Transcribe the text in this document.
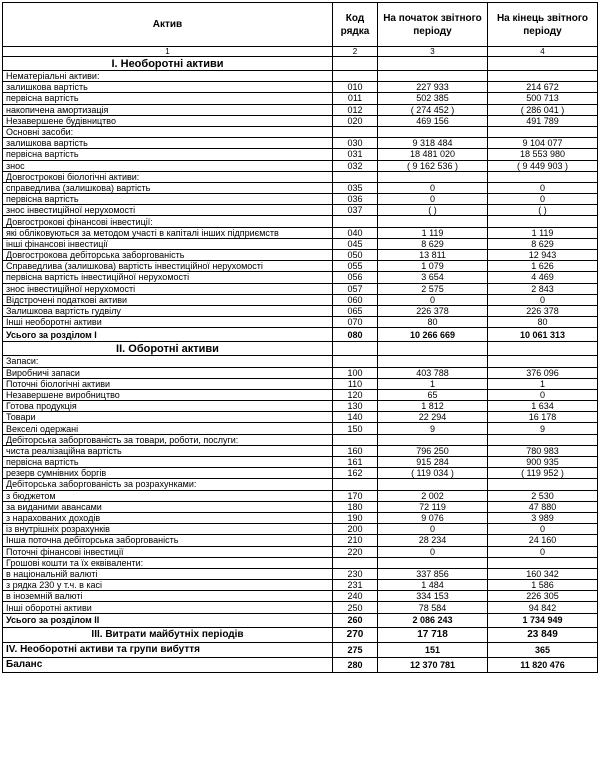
Актив	Код рядка	На початок звітного періоду	На кінець звітного періоду
1	2	3	4
I. Необоротні активи			
Нематеріальні активи:			
залишкова вартість	010	227 933	214 672
первісна вартість	011	502 385	500 713
накопичена амортизація	012	( 274 452 )	( 286 041 )
Незавершене будівництво	020	469 156	491 789
Основні засоби:			
залишкова вартість	030	9 318 484	9 104 077
первісна вартість	031	18 481 020	18 553 980
знос	032	( 9 162 536 )	( 9 449 903 )
Довгострокові біологічні активи:			
справедлива (залишкова) вартість	035	0	0
первісна вартість	036	0	0
знос інвестиційної нерухомості	037	( )	( )
Довгострокові фінансові інвестиції:			
які обліковуються за методом участі в капіталі інших підприємств	040	1 119	1 119
інші фінансові інвестиції	045	8 629	8 629
Довгострокова дебіторська заборгованість	050	13 811	12 943
Справедлива (залишкова) вартість інвестиційної нерухомості	055	1 079	1 626
первісна вартість інвестиційної нерухомості	056	3 654	4 469
знос інвестиційної нерухомості	057	2 575	2 843
Відстрочені податкові активи	060	0	0
Залишкова вартість гудвілу	065	226 378	226 378
Інші необоротні активи	070	80	80
Усього за розділом І	080	10 266 669	10 061 313
II. Оборотні активи			
Запаси:			
Виробничі запаси	100	403 788	376 096
Поточні біологічні активи	110	1	1
Незавершене виробництво	120	65	0
Готова продукція	130	1 812	1 634
Товари	140	22 294	16 178
Векселі одержані	150	9	9
Дебіторська заборгованість за товари, роботи, послуги:			
чиста реалізаційна вартість	160	796 250	780 983
первісна вартість	161	915 284	900 935
резерв сумнівних боргів	162	( 119 034 )	( 119 952 )
Дебіторська заборгованість за розрахунками:			
з бюджетом	170	2 002	2 530
за виданими авансами	180	72 119	47 880
з нарахованих доходів	190	9 076	3 989
із внутрішніх розрахунків	200	0	0
Інша поточна дебіторська заборгованість	210	28 234	24 160
Поточні фінансові інвестиції	220	0	0
Грошові кошти та їх еквіваленти:			
в національній валюті	230	337 856	160 342
з рядка 230 у т.ч. в касі	231	1 484	1 586
в іноземній валюті	240	334 153	226 305
Інші оборотні активи	250	78 584	94 842
Усього за розділом II	260	2 086 243	1 734 949
III. Витрати майбутніх періодів	270	17 718	23 849
IV. Необоротні активи та групи вибуття	275	151	365
Баланс	280	12 370 781	11 820 476
